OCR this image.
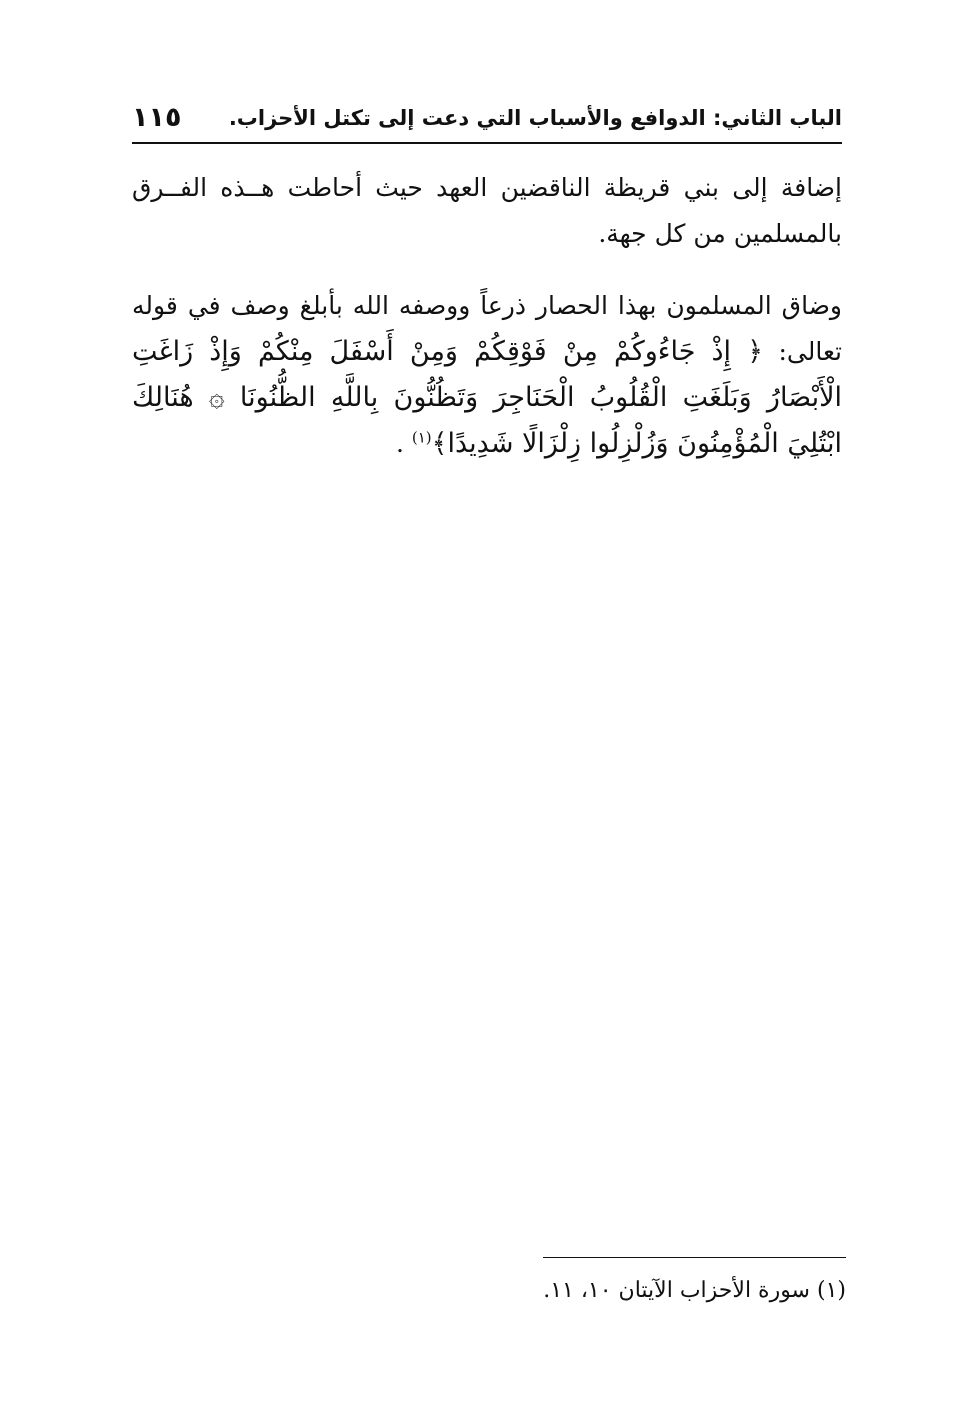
الباب الثاني: الدوافع والأسباب التي دعت إلى تكتل الأحزاب.
١١٥

إضافة إلى بني قريظة الناقضين العهد حيث أحاطت هــذه الفــرق بالمسلمين من كل جهة.

وضاق المسلمون بهذا الحصار ذرعاً ووصفه الله بأبلغ وصف في قوله تعالى: ﴿ إِذْ جَاءُوكُمْ مِنْ فَوْقِكُمْ وَمِنْ أَسْفَلَ مِنْكُمْ وَإِذْ زَاغَتِ الْأَبْصَارُ وَبَلَغَتِ الْقُلُوبُ الْحَنَاجِرَ وَتَظُنُّونَ بِاللَّهِ الظُّنُونَا ۞ هُنَالِكَ ابْتُلِيَ الْمُؤْمِنُونَ وَزُلْزِلُوا زِلْزَالًا شَدِيدًا﴾$^{(١)}$ .

(١) سورة الأحزاب الآيتان ١٠، ١١.
